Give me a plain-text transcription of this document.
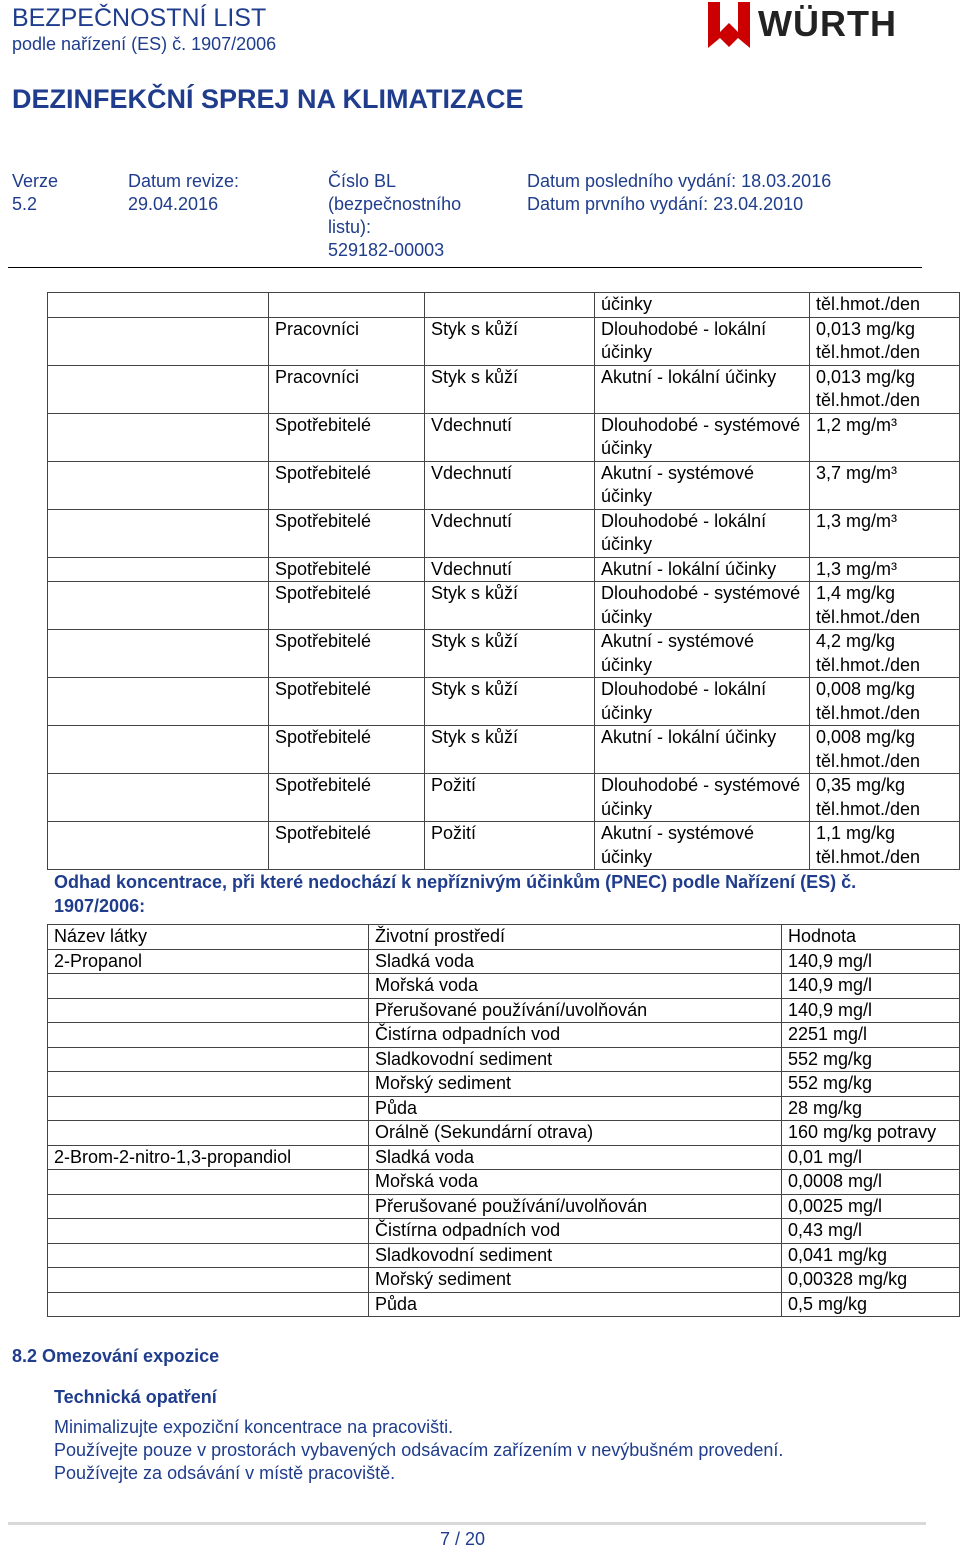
BEZPEČNOSTNÍ LIST
podle nařízení (ES) č. 1907/2006	WÜRTH
DEZINFEKČNÍ SPREJ NA KLIMATIZACE
Verze
5.2
Datum revize:
29.04.2016
Číslo BL
(bezpečnostního
listu):
529182-00003
Datum posledního vydání: 18.03.2016
Datum prvního vydání: 23.04.2010
			účinky	těl.hmot./den
	Pracovníci	Styk s kůží	Dlouhodobé - lokální účinky	0,013 mg/kg těl.hmot./den
	Pracovníci	Styk s kůží	Akutní - lokální účinky	0,013 mg/kg těl.hmot./den
	Spotřebitelé	Vdechnutí	Dlouhodobé - systémové účinky	1,2 mg/m³
	Spotřebitelé	Vdechnutí	Akutní - systémové účinky	3,7 mg/m³
	Spotřebitelé	Vdechnutí	Dlouhodobé - lokální účinky	1,3 mg/m³
	Spotřebitelé	Vdechnutí	Akutní - lokální účinky	1,3 mg/m³
	Spotřebitelé	Styk s kůží	Dlouhodobé - systémové účinky	1,4 mg/kg těl.hmot./den
	Spotřebitelé	Styk s kůží	Akutní - systémové účinky	4,2 mg/kg těl.hmot./den
	Spotřebitelé	Styk s kůží	Dlouhodobé - lokální účinky	0,008 mg/kg těl.hmot./den
	Spotřebitelé	Styk s kůží	Akutní - lokální účinky	0,008 mg/kg těl.hmot./den
	Spotřebitelé	Požití	Dlouhodobé - systémové účinky	0,35 mg/kg těl.hmot./den
	Spotřebitelé	Požití	Akutní - systémové účinky	1,1 mg/kg těl.hmot./den
Odhad koncentrace, při které nedochází k nepříznivým účinkům (PNEC) podle Nařízení (ES) č. 1907/2006:
Název látky	Životní prostředí	Hodnota
2-Propanol	Sladká voda	140,9 mg/l
	Mořská voda	140,9 mg/l
	Přerušované používání/uvolňován	140,9 mg/l
	Čistírna odpadních vod	2251 mg/l
	Sladkovodní sediment	552 mg/kg
	Mořský sediment	552 mg/kg
	Půda	28 mg/kg
	Orálně (Sekundární otrava)	160 mg/kg potravy
2-Brom-2-nitro-1,3-propandiol	Sladká voda	0,01 mg/l
	Mořská voda	0,0008 mg/l
	Přerušované používání/uvolňován	0,0025 mg/l
	Čistírna odpadních vod	0,43 mg/l
	Sladkovodní sediment	0,041 mg/kg
	Mořský sediment	0,00328 mg/kg
	Půda	0,5 mg/kg
8.2 Omezování expozice
Technická opatření
Minimalizujte expoziční koncentrace na pracovišti.
Používejte pouze v prostorách vybavených odsávacím zařízením v nevýbušném provedení.
Používejte za odsávání v místě pracoviště.
7 / 20
